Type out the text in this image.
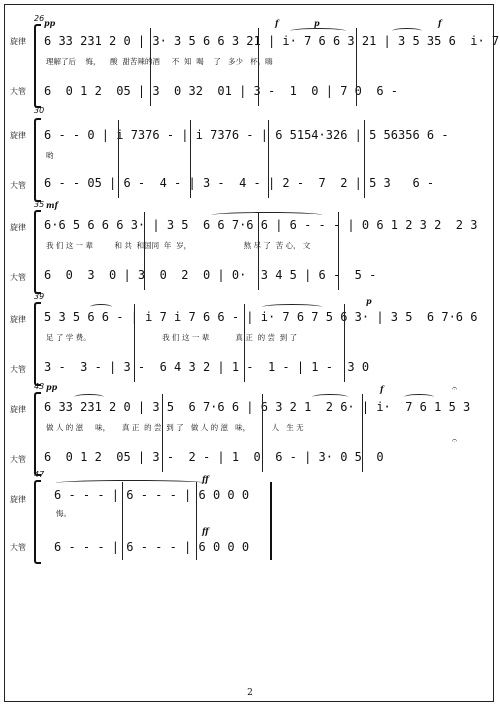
26 pp
旋律
大管
f	p	f
6 33 231 2 0 | 3· 3 5 6 6 3 21 | i· 7 6 6 3 21 | 3 5 35 6  i· 7
理解了后    悔，    酸  甜苦辣的酒     不  知  喝    了   多少   杯。嗨
6  0 1 2  05 | 3  0 32  01 | 3 -  1  0 | 7 0  6 -
30
旋律
大管
6 - - 0 | i 7376 - | i 7376 - | 6 5154·326 | 5 56356 6 -
哟
6 - - 05 | 6 -  4 - | 3 -  4 - | 2 -  7  2 | 5 3   6 -
35 mf
旋律
大管
6·6 5 6 6 6 3· | 3 5  6 6 7·6 6 | 6 - - - | 0 6 1 2 3 2  2 3
我 们 这 一 辈         和 共  和国同  年  岁，                      熬 尽 了  苦 心， 文
6  0  3  0 | 3  0  2  0 | 0·  3 4 5 | 6 -  5 -
39
旋律
大管
p
5 3 5 6 6 - | i 7 i 7 6 6 - | i· 7 6 7 5 6 3· | 3 5  6 7·6 6
足 了 学 费。                              我 们 这 一 辈           真 正  的 尝  到 了
3 -  3 - | 3 -  6 4 3 2 | 1 -  1 - | 1 -  3 0
43 pp
旋律
大管
f	𝄐
𝄐
6 33 231 2 0 | 3 5  6 7·6 6 | 6 3 2 1  2 6· | i·  7 6 1 5 3
做 人 的 滋     味，     真 正  的 尝  到 了   做 人 的 滋   味，         人   生 无
6  0 1 2  05 | 3 -  2 - | 1  0  6 - | 3· 0 5  0
47
旋律
大管
ff
6 - - - | 6 - - - | 6 0 0 0
悔。
ff
6 - - - | 6 - - - | 6 0 0 0
2
